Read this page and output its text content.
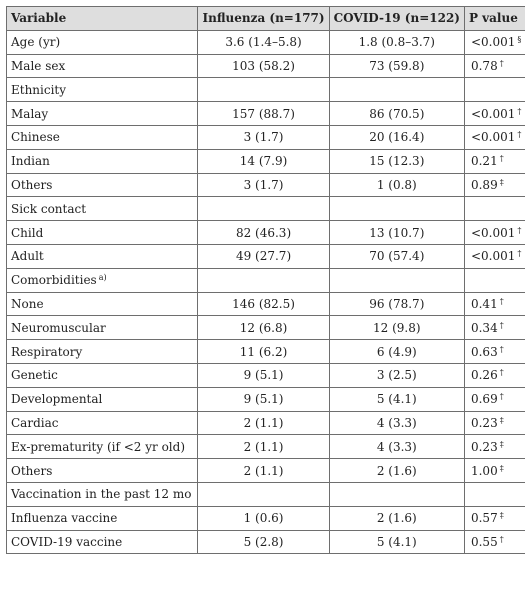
Variable	Influenza (n=177)	COVID-19 (n=122)	P value
Age (yr)	3.6 (1.4–5.8)	1.8 (0.8–3.7)	<0.001 §
Male sex	103 (58.2)	73 (59.8)	0.78 †
Ethnicity			
Malay	157 (88.7)	86 (70.5)	<0.001 †
Chinese	3 (1.7)	20 (16.4)	<0.001 †
Indian	14 (7.9)	15 (12.3)	0.21 †
Others	3 (1.7)	1 (0.8)	0.89 ‡
Sick contact			
Child	82 (46.3)	13 (10.7)	<0.001 †
Adult	49 (27.7)	70 (57.4)	<0.001 †
Comorbidities $^{a)}$			
None	146 (82.5)	96 (78.7)	0.41 †
Neuromuscular	12 (6.8)	12 (9.8)	0.34 †
Respiratory	11 (6.2)	6 (4.9)	0.63 †
Genetic	9 (5.1)	3 (2.5)	0.26 †
Developmental	9 (5.1)	5 (4.1)	0.69 †
Cardiac	2 (1.1)	4 (3.3)	0.23 ‡
Ex-prematurity (if <2 yr old)	2 (1.1)	4 (3.3)	0.23 ‡
Others	2 (1.1)	2 (1.6)	1.00 ‡
Vaccination in the past 12 mo			
Influenza vaccine	1 (0.6)	2 (1.6)	0.57 ‡
COVID-19 vaccine	5 (2.8)	5 (4.1)	0.55 †
